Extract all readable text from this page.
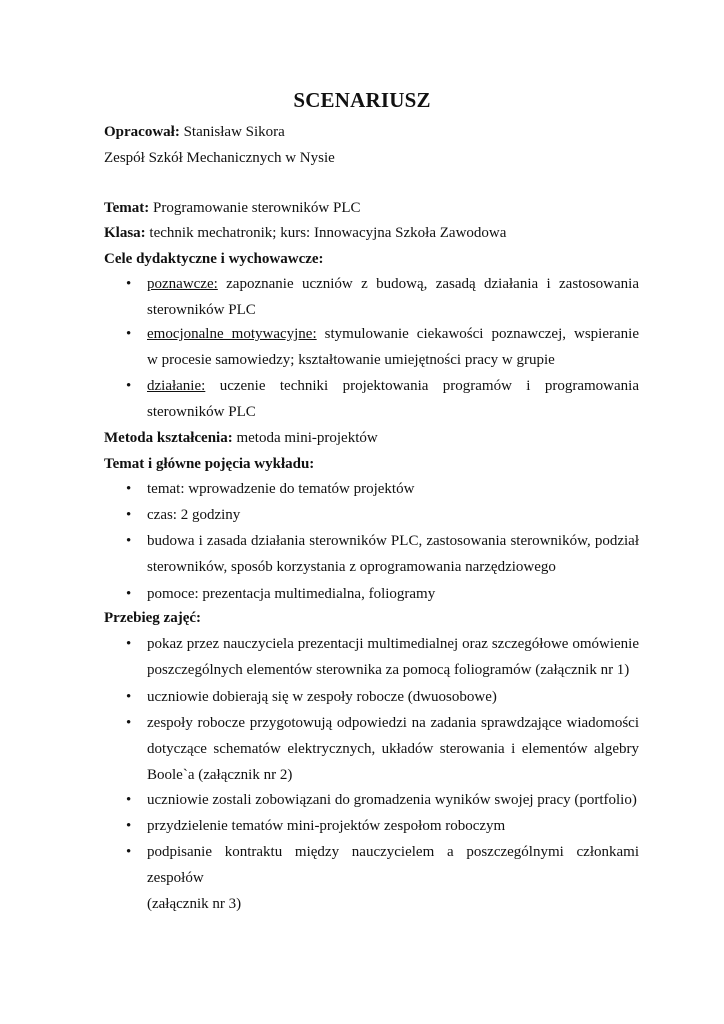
SCENARIUSZ
Opracował: Stanisław Sikora
Zespół Szkół Mechanicznych w Nysie
Temat: Programowanie sterowników PLC
Klasa: technik mechatronik; kurs: Innowacyjna Szkoła Zawodowa
Cele dydaktyczne i wychowawcze:
•	poznawcze: zapoznanie uczniów z budową, zasadą działania i zastosowania
sterowników PLC
•	emocjonalne motywacyjne: stymulowanie ciekawości poznawczej, wspieranie
w procesie samowiedzy; kształtowanie umiejętności pracy w grupie
•	działanie: uczenie techniki projektowania programów i programowania
sterowników PLC
Metoda kształcenia: metoda mini-projektów
Temat i główne pojęcia wykładu:
•	temat: wprowadzenie do tematów projektów
•	czas: 2 godziny
•	budowa i zasada działania sterowników PLC, zastosowania sterowników, podział
sterowników, sposób korzystania z oprogramowania narzędziowego
•	pomoce: prezentacja multimedialna, foliogramy
Przebieg zajęć:
•	pokaz przez nauczyciela prezentacji multimedialnej oraz szczegółowe omówienie
poszczególnych elementów sterownika za pomocą foliogramów (załącznik nr 1)
•	uczniowie dobierają się w zespoły robocze (dwuosobowe)
•	zespoły robocze przygotowują odpowiedzi na zadania sprawdzające wiadomości
dotyczące schematów elektrycznych, układów sterowania i elementów algebry
Boole`a (załącznik nr 2)
•	uczniowie zostali zobowiązani do gromadzenia wyników swojej pracy (portfolio)
•	przydzielenie tematów mini-projektów zespołom roboczym
•	podpisanie kontraktu między nauczycielem a poszczególnymi członkami zespołów
(załącznik nr 3)
